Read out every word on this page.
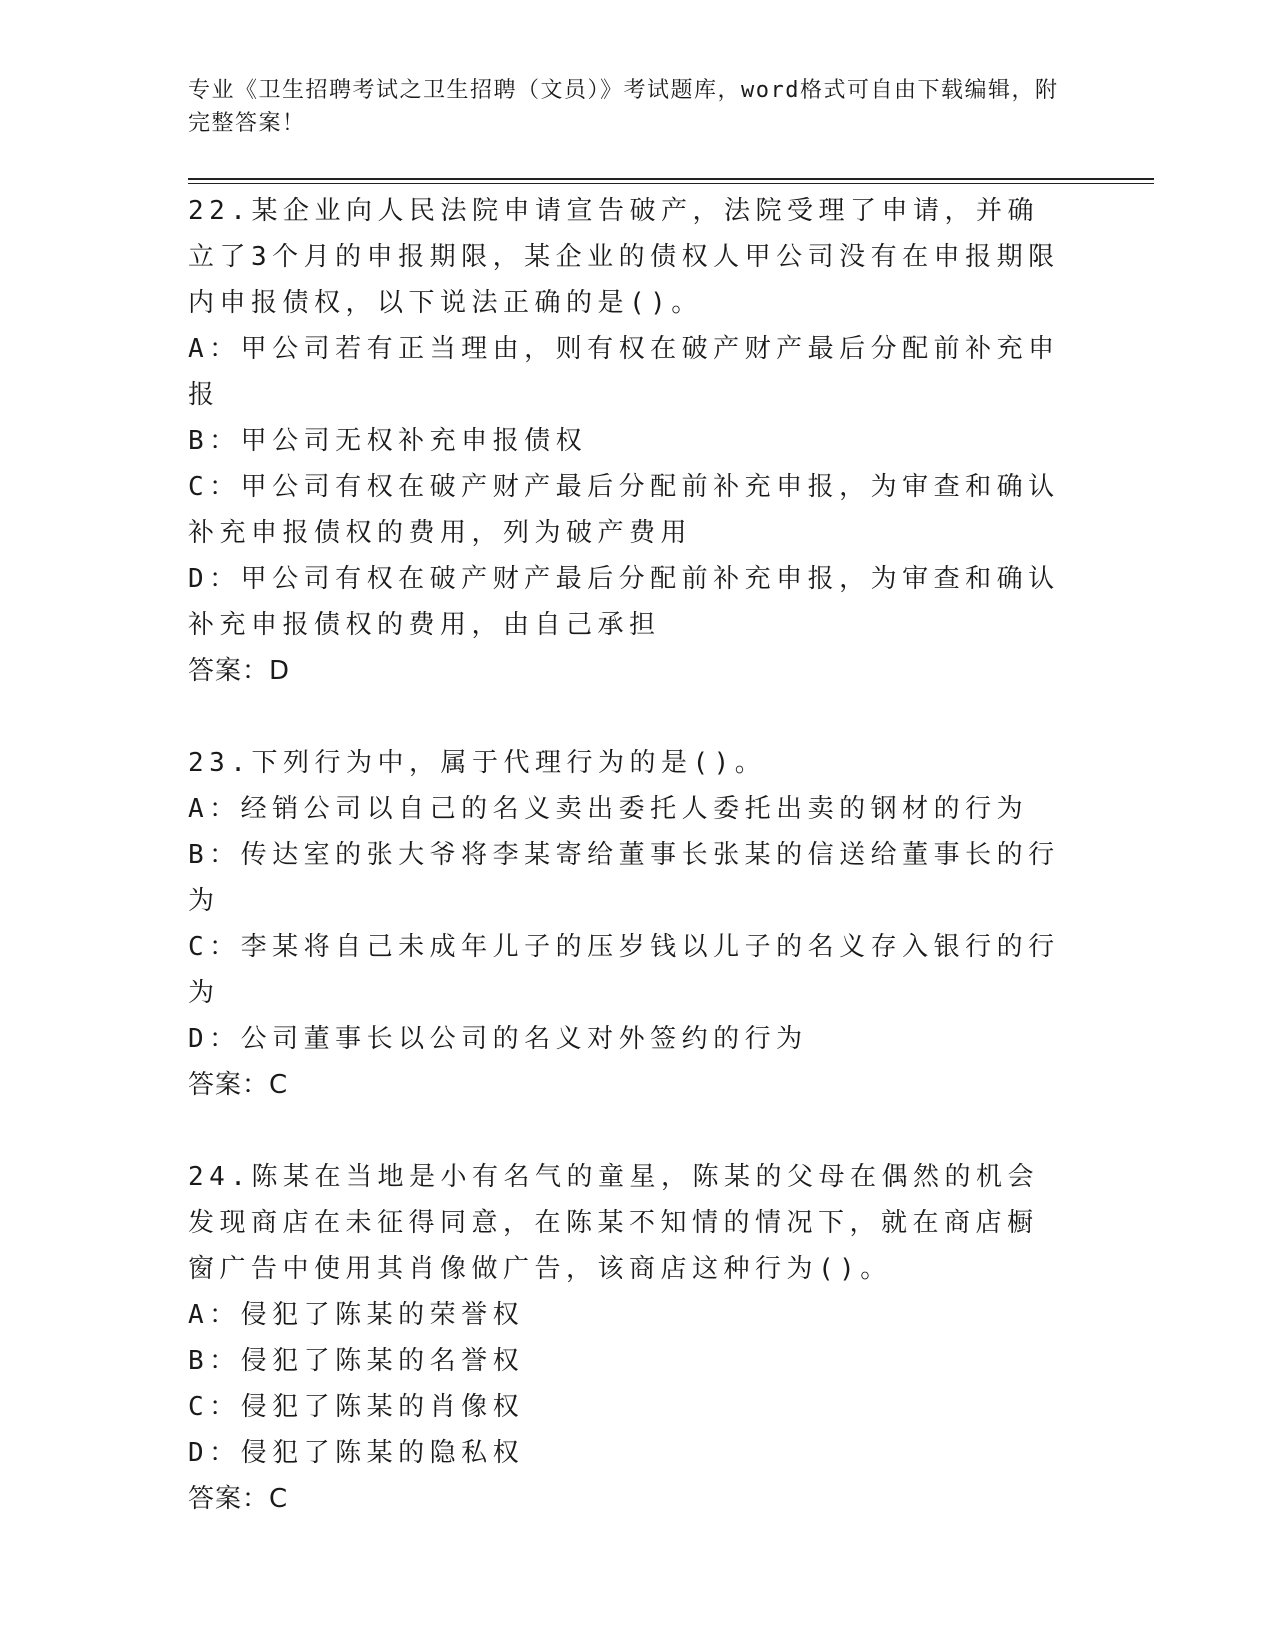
专业《卫生招聘考试之卫生招聘（文员）》考试题库，word格式可自由下载编辑，附完整答案！
22.某企业向人民法院申请宣告破产，法院受理了申请，并确立了3个月的申报期限，某企业的债权人甲公司没有在申报期限内申报债权，以下说法正确的是()。
A：甲公司若有正当理由，则有权在破产财产最后分配前补充申报
B：甲公司无权补充申报债权
C：甲公司有权在破产财产最后分配前补充申报，为审查和确认补充申报债权的费用，列为破产费用
D：甲公司有权在破产财产最后分配前补充申报，为审查和确认补充申报债权的费用，由自己承担
答案：D
23.下列行为中，属于代理行为的是()。
A：经销公司以自己的名义卖出委托人委托出卖的钢材的行为
B：传达室的张大爷将李某寄给董事长张某的信送给董事长的行为
C：李某将自己未成年儿子的压岁钱以儿子的名义存入银行的行为
D：公司董事长以公司的名义对外签约的行为
答案：C
24.陈某在当地是小有名气的童星，陈某的父母在偶然的机会发现商店在未征得同意，在陈某不知情的情况下，就在商店橱窗广告中使用其肖像做广告，该商店这种行为()。
A：侵犯了陈某的荣誉权
B：侵犯了陈某的名誉权
C：侵犯了陈某的肖像权
D：侵犯了陈某的隐私权
答案：C
